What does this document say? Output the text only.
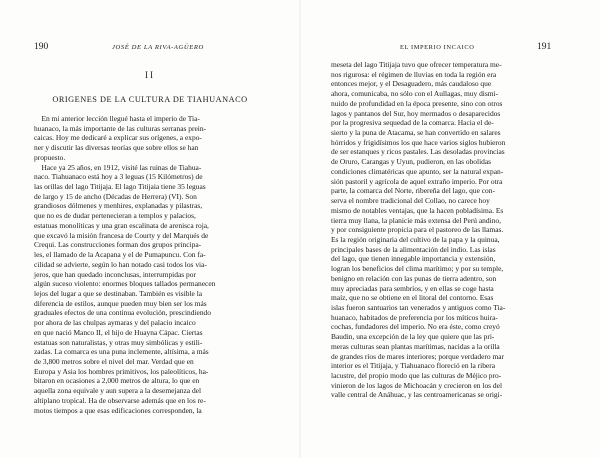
190	JOSÉ DE LA RIVA-AGÜERO
II
ORIGENES DE LA CULTURA DE TIAHUANACO
En mi anterior lección llegué hasta el imperio de Tia-
huanaco, la más importante de las culturas serranas prein-
caicas. Hoy me dedicaré a explicar sus orígenes, a expo-
ner y discutir las diversas teorías que sobre ellos se han
propuesto.
Hace ya 25 años, en 1912, visité las ruinas de Tiahua-
naco. Tiahuanaco está hoy a 3 leguas (15 Kilómetros) de
las orillas del lago Titijaja. El lago Titijaia tiene 35 leguas
de largo y 15 de ancho (Décadas de Herrera) (VI). Son
grandiosos dólmenes y menhires, explanadas y pilastras,
que no es de dudar pertenecieran a templos y palacios,
estatuas monolíticas y una gran escalinata de arenisca roja,
que excavó la misión francesa de Courty y del Marqués de
Crequi. Las construcciones forman dos grupos principa-
les, el llamado de la Acapana y el de Pumapuncu. Con fa-
cilidad se advierte, según lo han notado casi todos los via-
jeros, que han quedado inconclusas, interrumpidas por
algún suceso violento: enormes bloques tallados permanecen
lejos del lugar a que se destinaban. También es visible la
diferencia de estilos, aunque pueden muy bien ser los más
graduales efectos de una continua evolución, prescindiendo
por ahora de las chulpas aymaras y del palacio incaico
en que nació Manco II, el hijo de Huayna Cápac. Ciertas
estatuas son naturalistas, y otras muy simbólicas y estili-
zadas. La comarca es una puna inclemente, altísima, a más
de 3,800 metros sobre el nivel del mar. Verdad que en
Europa y Asia los hombres primitivos, los paleolíticos, ha-
bitaron en ocasiones a 2,000 metros de altura, lo que en
aquella zona equivale y aun supera a la desemejanza del
altiplano tropical. Ha de observarse además que en los re-
motos tiempos a que esas edificaciones corresponden, la
EL IMPERIO INCAICO	191
meseta del lago Titijaja tuvo que ofrecer temperatura me-
nos rigurosa: el régimen de lluvias en toda la región era
entonces mejor, y el Desaguadero, más caudaloso que
ahora, comunicaba, no sólo con el Aullagas, muy dismi-
nuido de profundidad en la época presente, sino con otros
lagos y pantanos del Sur, hoy mermados o desaparecidos
por la progresiva sequedad de la comarca. Hacia el de-
sierto y la puna de Atacama, se han convertido en salares
hórridos y frigidísimos los que hace varios siglos hubieron
de ser estanques y ricos pastales. Las desoladas provincias
de Oruro, Carangas y Uyun, pudieron, en las obolidas
condiciones climatéricas que apunto, ser la natural expan-
sión pastoril y agrícola de aquel extraño imperio. Por otra
parte, la comarca del Norte, ribereña del lago, que con-
serva el nombre tradicional del Collao, no carece hoy
mismo de notables ventajas, que la hacen pobladísima. Es
tierra muy llana, la planicie más extensa del Perú andino,
y por consiguiente propicia para el pastoreo de las llamas.
Es la región originaria del cultivo de la papa y la quinua,
principales bases de la alimentación del indio. Las islas
del lago, que tienen innegable importancia y extensión,
logran los beneficios del clima marítimo; y por su temple,
benigno en relación con las punas de tierra adentro, son
muy apreciadas para sembríos, y en ellas se coge hasta
maíz, que no se obtiene en el litoral del contorno. Esas
islas fueron santuarios tan venerados y antiguos como Tia-
huanaco, habitados de preferencia por los míticos huira-
cochas, fundadores del imperio. No era éste, como creyó
Baudin, una excepción de la ley que quiere que las pri-
meras culturas sean plantas marítimas, nacidas a la orilla
de grandes ríos de mares interiores; porque verdadero mar
interior es el Titijaja, y Tiahuanaco floreció en la ribera
lacustre, del propio modo que las culturas de Méjico pro-
vinieron de los lagos de Michoacán y crecieron en los del
valle central de Anáhuac, y las centroamericanas se origi-
